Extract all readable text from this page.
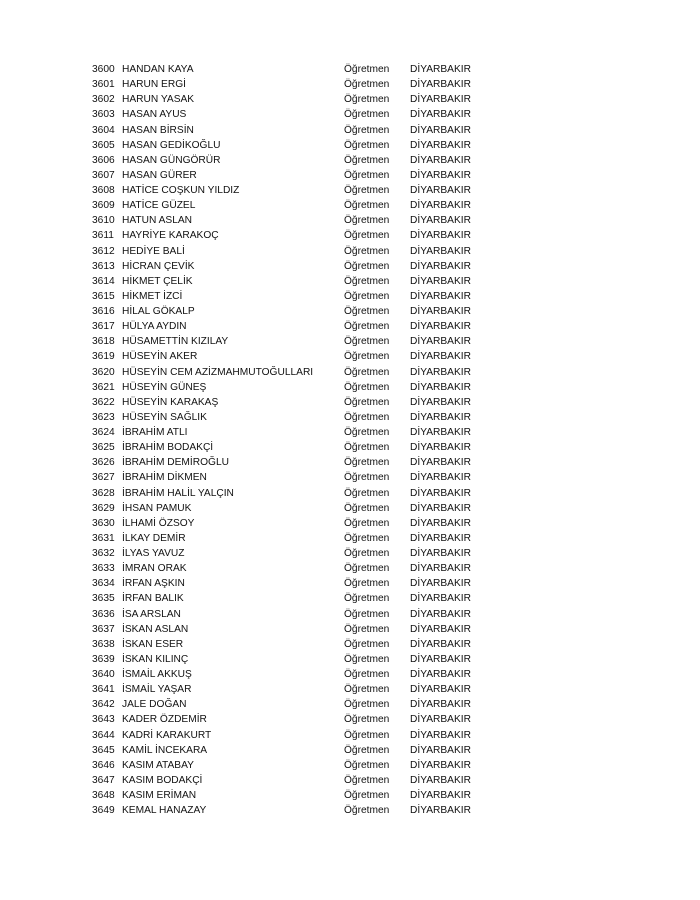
3600 HANDAN KAYA	Öğretmen DİYARBAKIR
3601 HARUN ERGİ	Öğretmen DİYARBAKIR
3602 HARUN YASAK	Öğretmen DİYARBAKIR
3603 HASAN AYUS	Öğretmen DİYARBAKIR
3604 HASAN BİRSİN	Öğretmen DİYARBAKIR
3605 HASAN GEDİKOĞLU	Öğretmen DİYARBAKIR
3606 HASAN GÜNGÖRÜR	Öğretmen DİYARBAKIR
3607 HASAN GÜRER	Öğretmen DİYARBAKIR
3608 HATİCE COŞKUN YILDIZ	Öğretmen DİYARBAKIR
3609 HATİCE GÜZEL	Öğretmen DİYARBAKIR
3610 HATUN ASLAN	Öğretmen DİYARBAKIR
3611 HAYRİYE KARAKOÇ	Öğretmen DİYARBAKIR
3612 HEDİYE BALİ	Öğretmen DİYARBAKIR
3613 HİCRAN ÇEVİK	Öğretmen DİYARBAKIR
3614 HİKMET ÇELİK	Öğretmen DİYARBAKIR
3615 HİKMET İZCİ	Öğretmen DİYARBAKIR
3616 HİLAL GÖKALP	Öğretmen DİYARBAKIR
3617 HÜLYA AYDIN	Öğretmen DİYARBAKIR
3618 HÜSAMETTİN KIZILAY	Öğretmen DİYARBAKIR
3619 HÜSEYİN AKER	Öğretmen DİYARBAKIR
3620 HÜSEYİN CEM AZİZMAHMUTOĞULLARI	Öğretmen DİYARBAKIR
3621 HÜSEYİN GÜNEŞ	Öğretmen DİYARBAKIR
3622 HÜSEYİN KARAKAŞ	Öğretmen DİYARBAKIR
3623 HÜSEYİN SAĞLIK	Öğretmen DİYARBAKIR
3624 İBRAHİM ATLI	Öğretmen DİYARBAKIR
3625 İBRAHİM BODAKÇİ	Öğretmen DİYARBAKIR
3626 İBRAHİM DEMİROĞLU	Öğretmen DİYARBAKIR
3627 İBRAHİM DİKMEN	Öğretmen DİYARBAKIR
3628 İBRAHİM HALİL YALÇIN	Öğretmen DİYARBAKIR
3629 İHSAN PAMUK	Öğretmen DİYARBAKIR
3630 İLHAMİ ÖZSOY	Öğretmen DİYARBAKIR
3631 İLKAY DEMİR	Öğretmen DİYARBAKIR
3632 İLYAS YAVUZ	Öğretmen DİYARBAKIR
3633 İMRAN ORAK	Öğretmen DİYARBAKIR
3634 İRFAN AŞKIN	Öğretmen DİYARBAKIR
3635 İRFAN BALIK	Öğretmen DİYARBAKIR
3636 İSA ARSLAN	Öğretmen DİYARBAKIR
3637 İSKAN ASLAN	Öğretmen DİYARBAKIR
3638 İSKAN ESER	Öğretmen DİYARBAKIR
3639 İSKAN KILINÇ	Öğretmen DİYARBAKIR
3640 İSMAİL AKKUŞ	Öğretmen DİYARBAKIR
3641 İSMAİL YAŞAR	Öğretmen DİYARBAKIR
3642 JALE DOĞAN	Öğretmen DİYARBAKIR
3643 KADER ÖZDEMİR	Öğretmen DİYARBAKIR
3644 KADRİ KARAKURT	Öğretmen DİYARBAKIR
3645 KAMİL İNCEKARA	Öğretmen DİYARBAKIR
3646 KASIM ATABAY	Öğretmen DİYARBAKIR
3647 KASIM BODAKÇİ	Öğretmen DİYARBAKIR
3648 KASIM ERİMAN	Öğretmen DİYARBAKIR
3649 KEMAL HANAZAY	Öğretmen DİYARBAKIR
